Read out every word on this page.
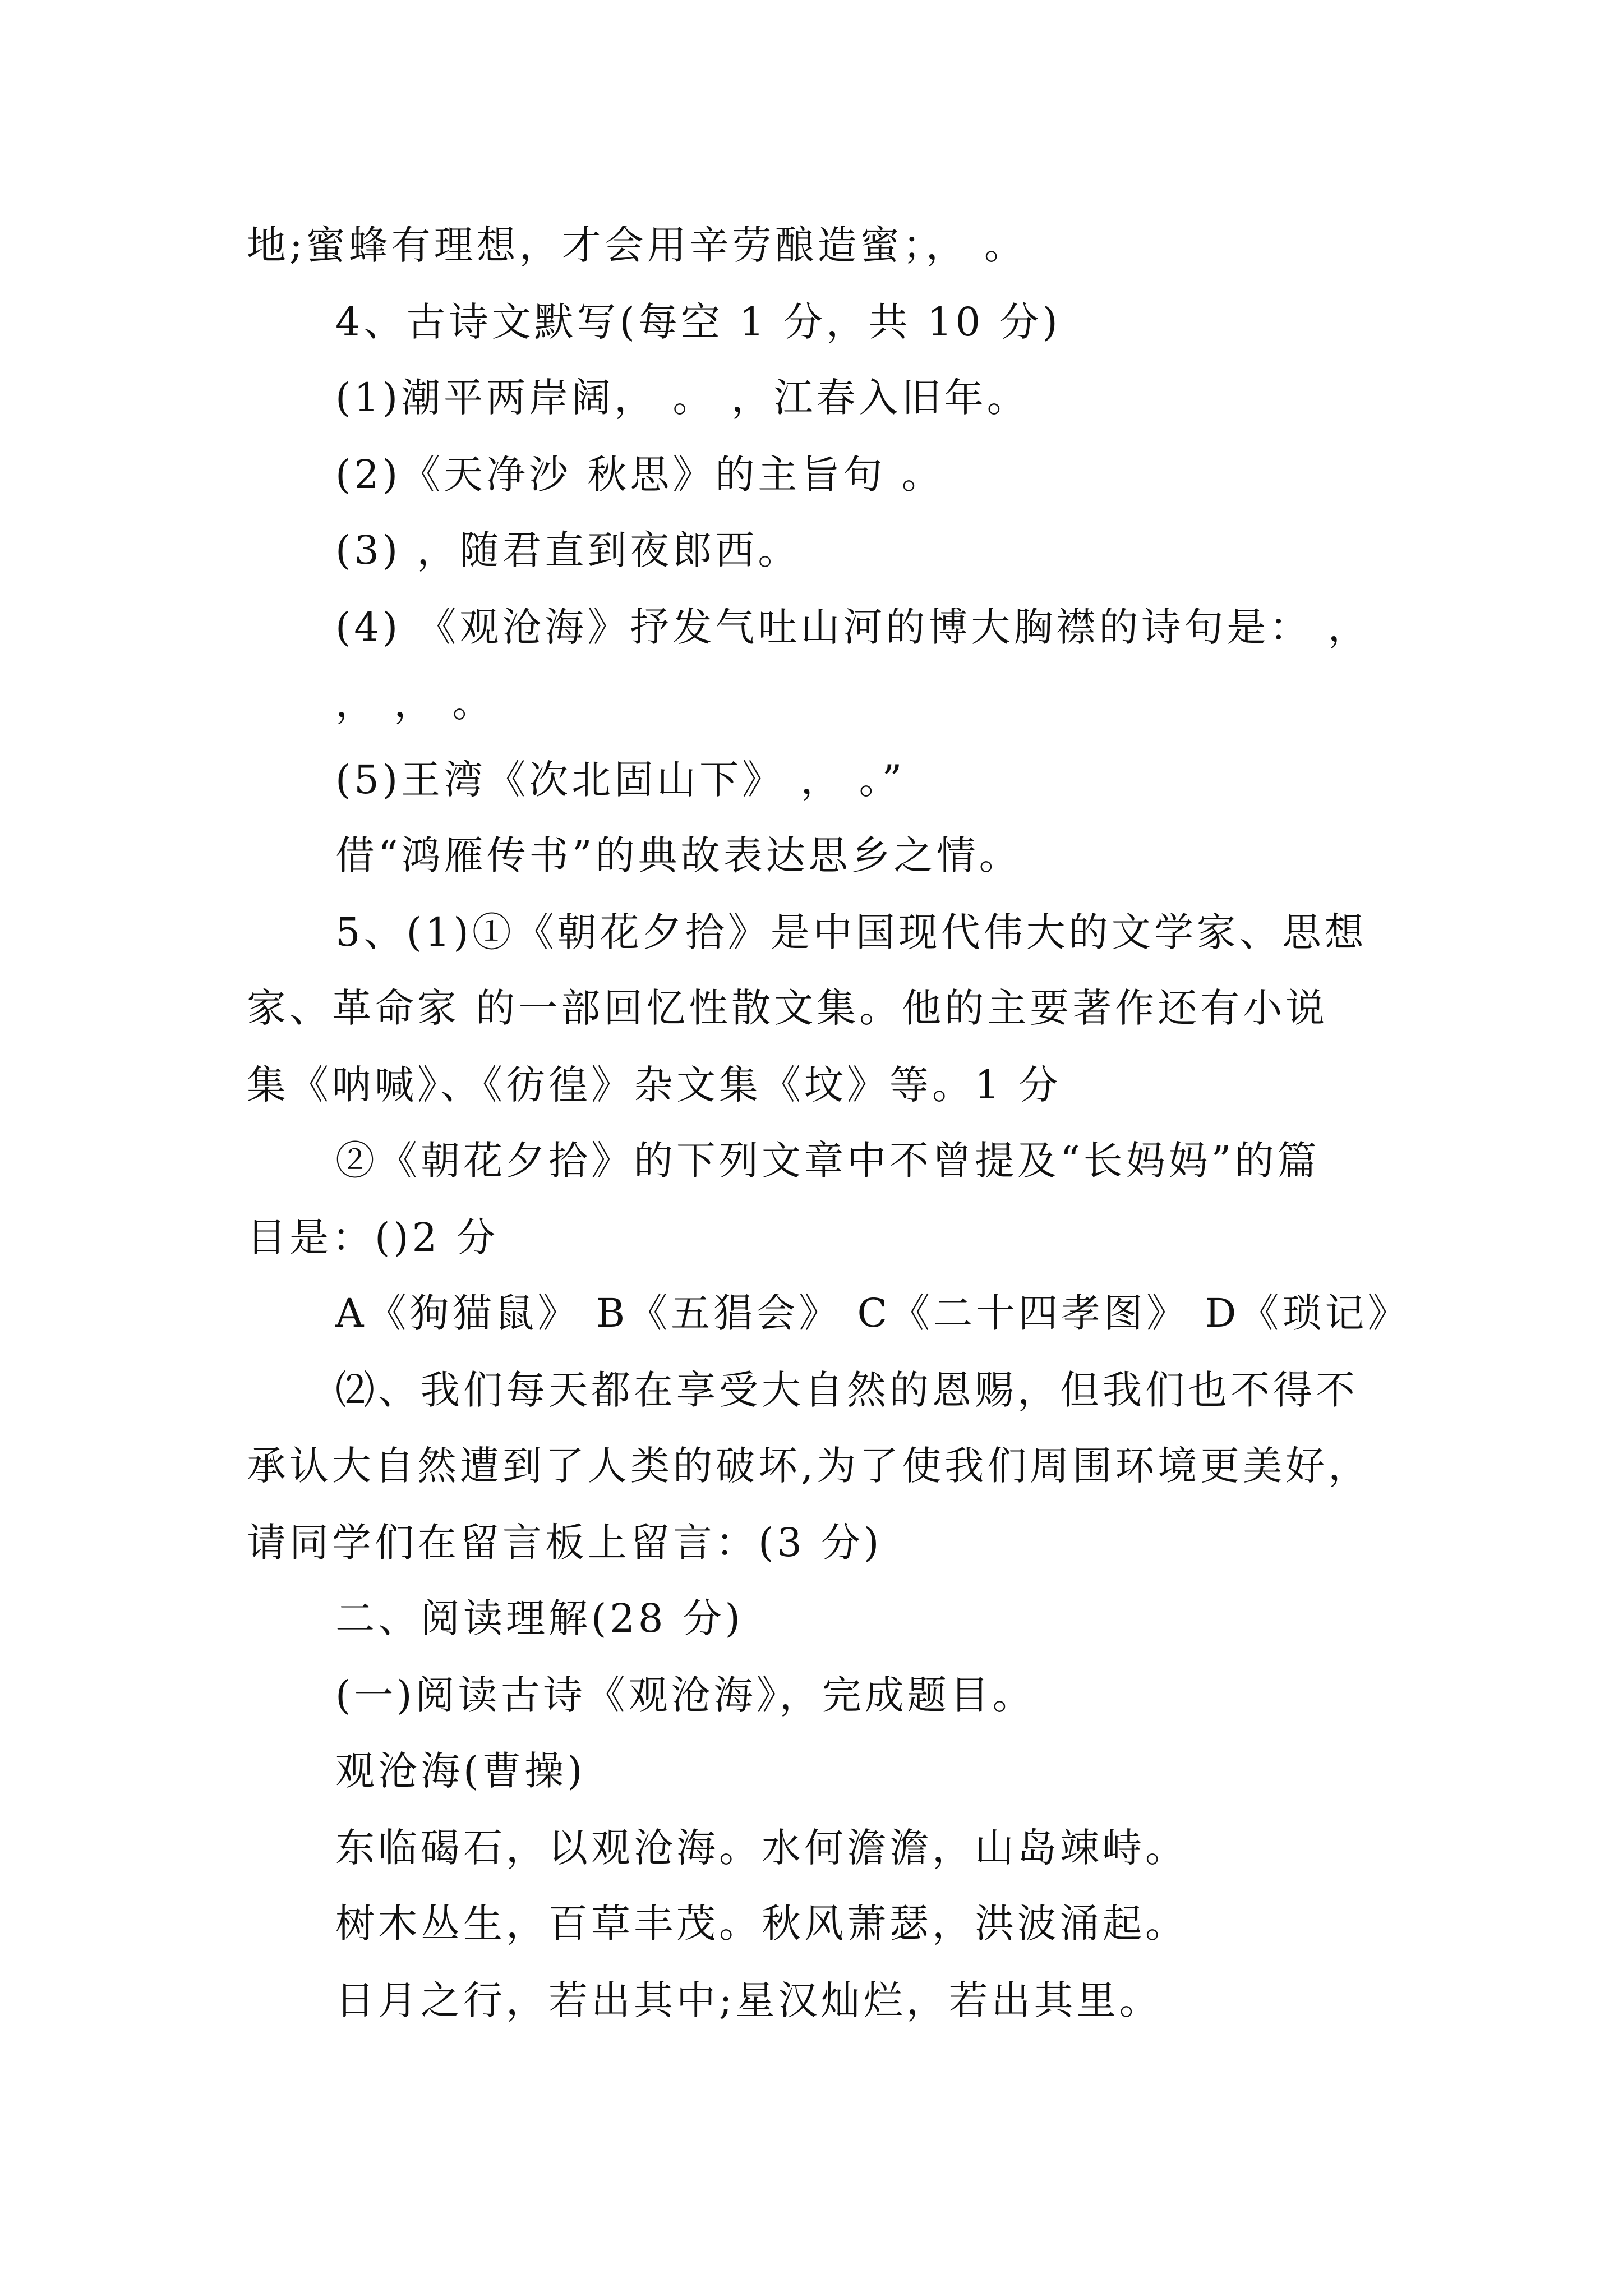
地;蜜蜂有理想，才会用辛劳酿造蜜；， 。
4、古诗文默写(每空 1 分，共 10 分)
(1)潮平两岸阔， 。 ，江春入旧年。
(2)《天净沙 秋思》的主旨句 。
(3) ，随君直到夜郎西。
(4) 《观沧海》抒发气吐山河的博大胸襟的诗句是： ，
， ， 。
(5)王湾《次北固山下》 ， 。”
借“鸿雁传书”的典故表达思乡之情。
5、(1)①《朝花夕拾》是中国现代伟大的文学家、思想
家、革命家 的一部回忆性散文集。他的主要著作还有小说
集《呐喊》、《彷徨》杂文集《坟》等。1 分
②《朝花夕拾》的下列文章中不曾提及“长妈妈”的篇
目是：()2 分
A《狗猫鼠》 B《五猖会》 C《二十四孝图》 D《琐记》
⑵、我们每天都在享受大自然的恩赐，但我们也不得不
承认大自然遭到了人类的破坏,为了使我们周围环境更美好，
请同学们在留言板上留言：(3 分)
二、阅读理解(28 分)
(一)阅读古诗《观沧海》，完成题目。
观沧海(曹操)
东临碣石，以观沧海。水何澹澹，山岛竦峙。
树木丛生，百草丰茂。秋风萧瑟，洪波涌起。
日月之行，若出其中;星汉灿烂，若出其里。
